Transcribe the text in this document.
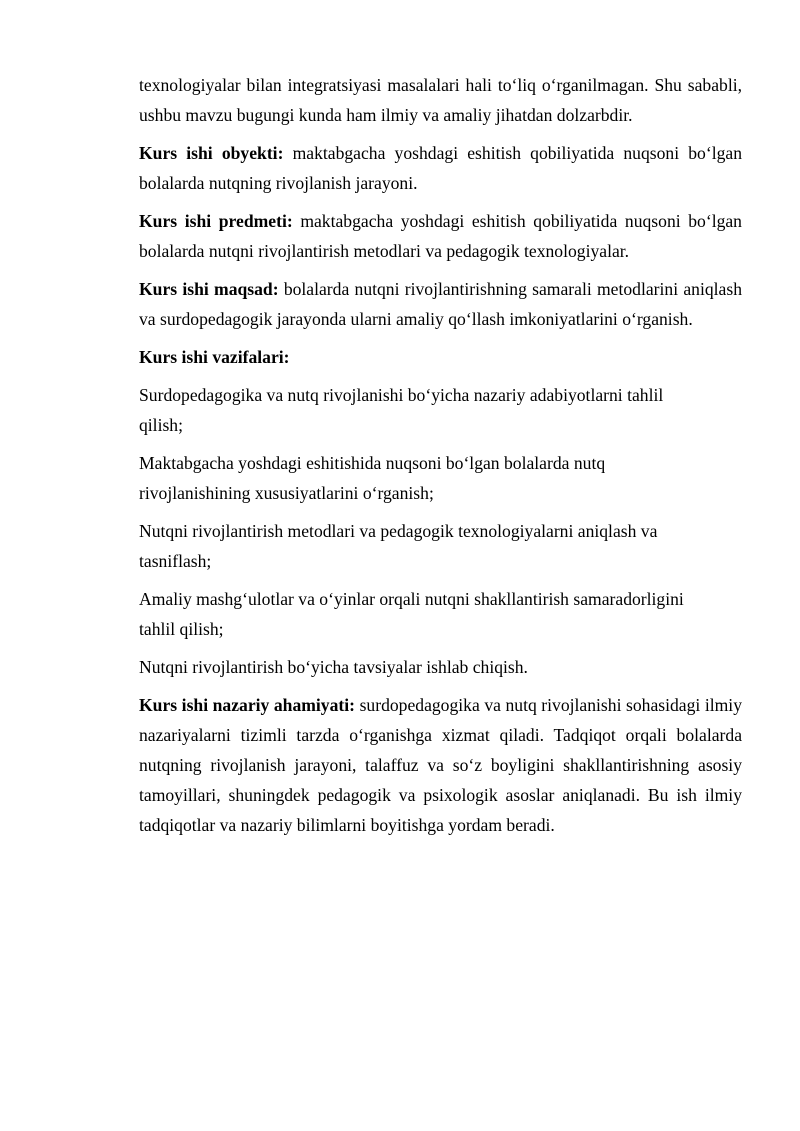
texnologiyalar bilan integratsiyasi masalalari hali to‘liq o‘rganilmagan. Shu sababli, ushbu mavzu bugungi kunda ham ilmiy va amaliy jihatdan dolzarbdir.

Kurs ishi obyekti: maktabgacha yoshdagi eshitish qobiliyatida nuqsoni bo‘lgan bolalarda nutqning rivojlanish jarayoni.

Kurs ishi predmeti: maktabgacha yoshdagi eshitish qobiliyatida nuqsoni bo‘lgan bolalarda nutqni rivojlantirish metodlari va pedagogik texnologiyalar.

Kurs ishi maqsad: bolalarda nutqni rivojlantirishning samarali metodlarini aniqlash va surdopedagogik jarayonda ularni amaliy qo‘llash imkoniyatlarini o‘rganish.

Kurs ishi vazifalari:

Surdopedagogika va nutq rivojlanishi bo‘yicha nazariy adabiyotlarni tahlil qilish;

Maktabgacha yoshdagi eshitishida nuqsoni bo‘lgan bolalarda nutq rivojlanishining xususiyatlarini o‘rganish;

Nutqni rivojlantirish metodlari va pedagogik texnologiyalarni aniqlash va tasniflash;

Amaliy mashg‘ulotlar va o‘yinlar orqali nutqni shakllantirish samaradorligini tahlil qilish;

Nutqni rivojlantirish bo‘yicha tavsiyalar ishlab chiqish.

Kurs ishi nazariy ahamiyati: surdopedagogika va nutq rivojlanishi sohasidagi ilmiy nazariyalarni tizimli tarzda o‘rganishga xizmat qiladi. Tadqiqot orqali bolalarda nutqning rivojlanish jarayoni, talaffuz va so‘z boyligini shakllantirishning asosiy tamoyillari, shuningdek pedagogik va psixologik asoslar aniqlanadi. Bu ish ilmiy tadqiqotlar va nazariy bilimlarni boyitishga yordam beradi.
